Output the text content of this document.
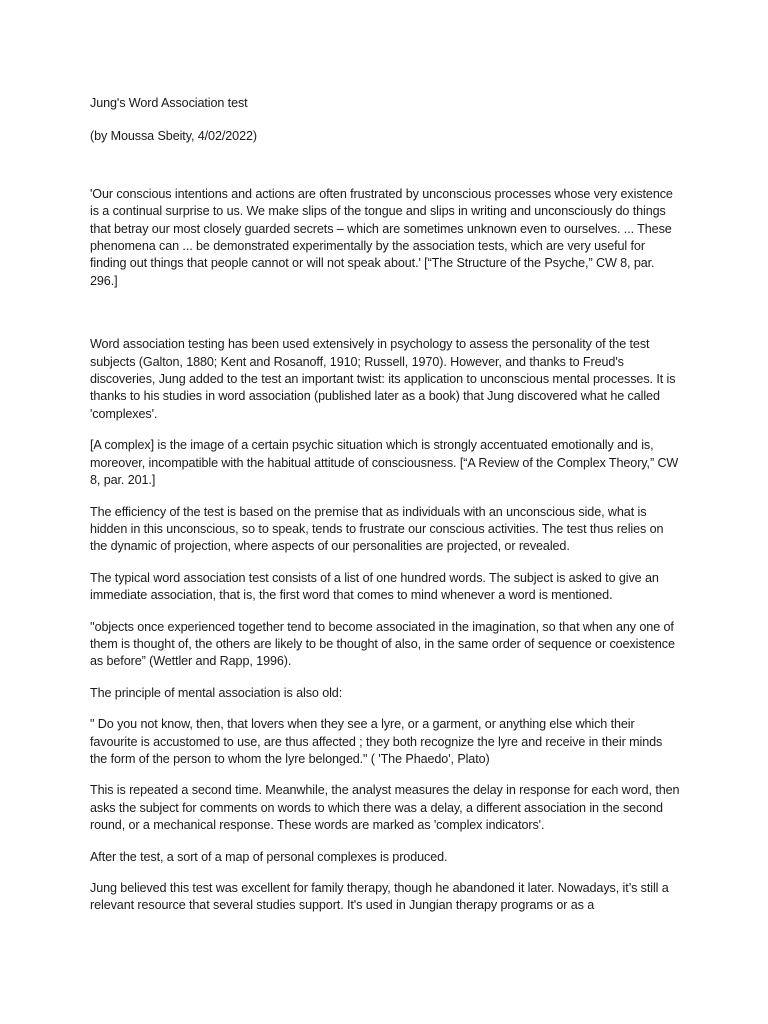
Jung's Word Association test

(by Moussa Sbeity, 4/02/2022)

'Our conscious intentions and actions are often frustrated by unconscious processes whose very existence is a continual surprise to us. We make slips of the tongue and slips in writing and unconsciously do things that betray our most closely guarded secrets – which are sometimes unknown even to ourselves. ... These phenomena can ... be demonstrated experimentally by the association tests, which are very useful for finding out things that people cannot or will not speak about.' [“The Structure of the Psyche,” CW 8, par. 296.]

Word association testing has been used extensively in psychology to assess the personality of the test subjects (Galton, 1880; Kent and Rosanoff, 1910; Russell, 1970). However, and thanks to Freud's discoveries, Jung added to the test an important twist: its application to unconscious mental processes. It is thanks to his studies in word association (published later as a book) that Jung discovered what he called 'complexes'.

[A complex] is the image of a certain psychic situation which is strongly accentuated emotionally and is, moreover, incompatible with the habitual attitude of consciousness. [“A Review of the Complex Theory,” CW 8, par. 201.]

The efficiency of the test is based on the premise that as individuals with an unconscious side, what is hidden in this unconscious, so to speak, tends to frustrate our conscious activities. The test thus relies on the dynamic of projection, where aspects of our personalities are projected, or revealed.

The typical word association test consists of a list of one hundred words. The subject is asked to give an immediate association, that is, the first word that comes to mind whenever a word is mentioned.

''objects once experienced together tend to become associated in the imagination, so that when any one of them is thought of, the others are likely to be thought of also, in the same order of sequence or coexistence as before” (Wettler and Rapp, 1996).

The principle of mental association is also old:

" Do you not know, then, that lovers when they see a lyre, or a garment, or anything else which their favourite is accustomed to use, are thus affected ; they both recognize the lyre and receive in their minds the form of the person to whom the lyre belonged." ( 'The Phaedo', Plato)

This is repeated a second time. Meanwhile, the analyst measures the delay in response for each word, then asks the subject for comments on words to which there was a delay, a different association in the second round, or a mechanical response. These words are marked as 'complex indicators'.

After the test, a sort of a map of personal complexes is produced.

Jung believed this test was excellent for family therapy, though he abandoned it later. Nowadays, it’s still a relevant resource that several studies support. It's used in Jungian therapy programs or as a
